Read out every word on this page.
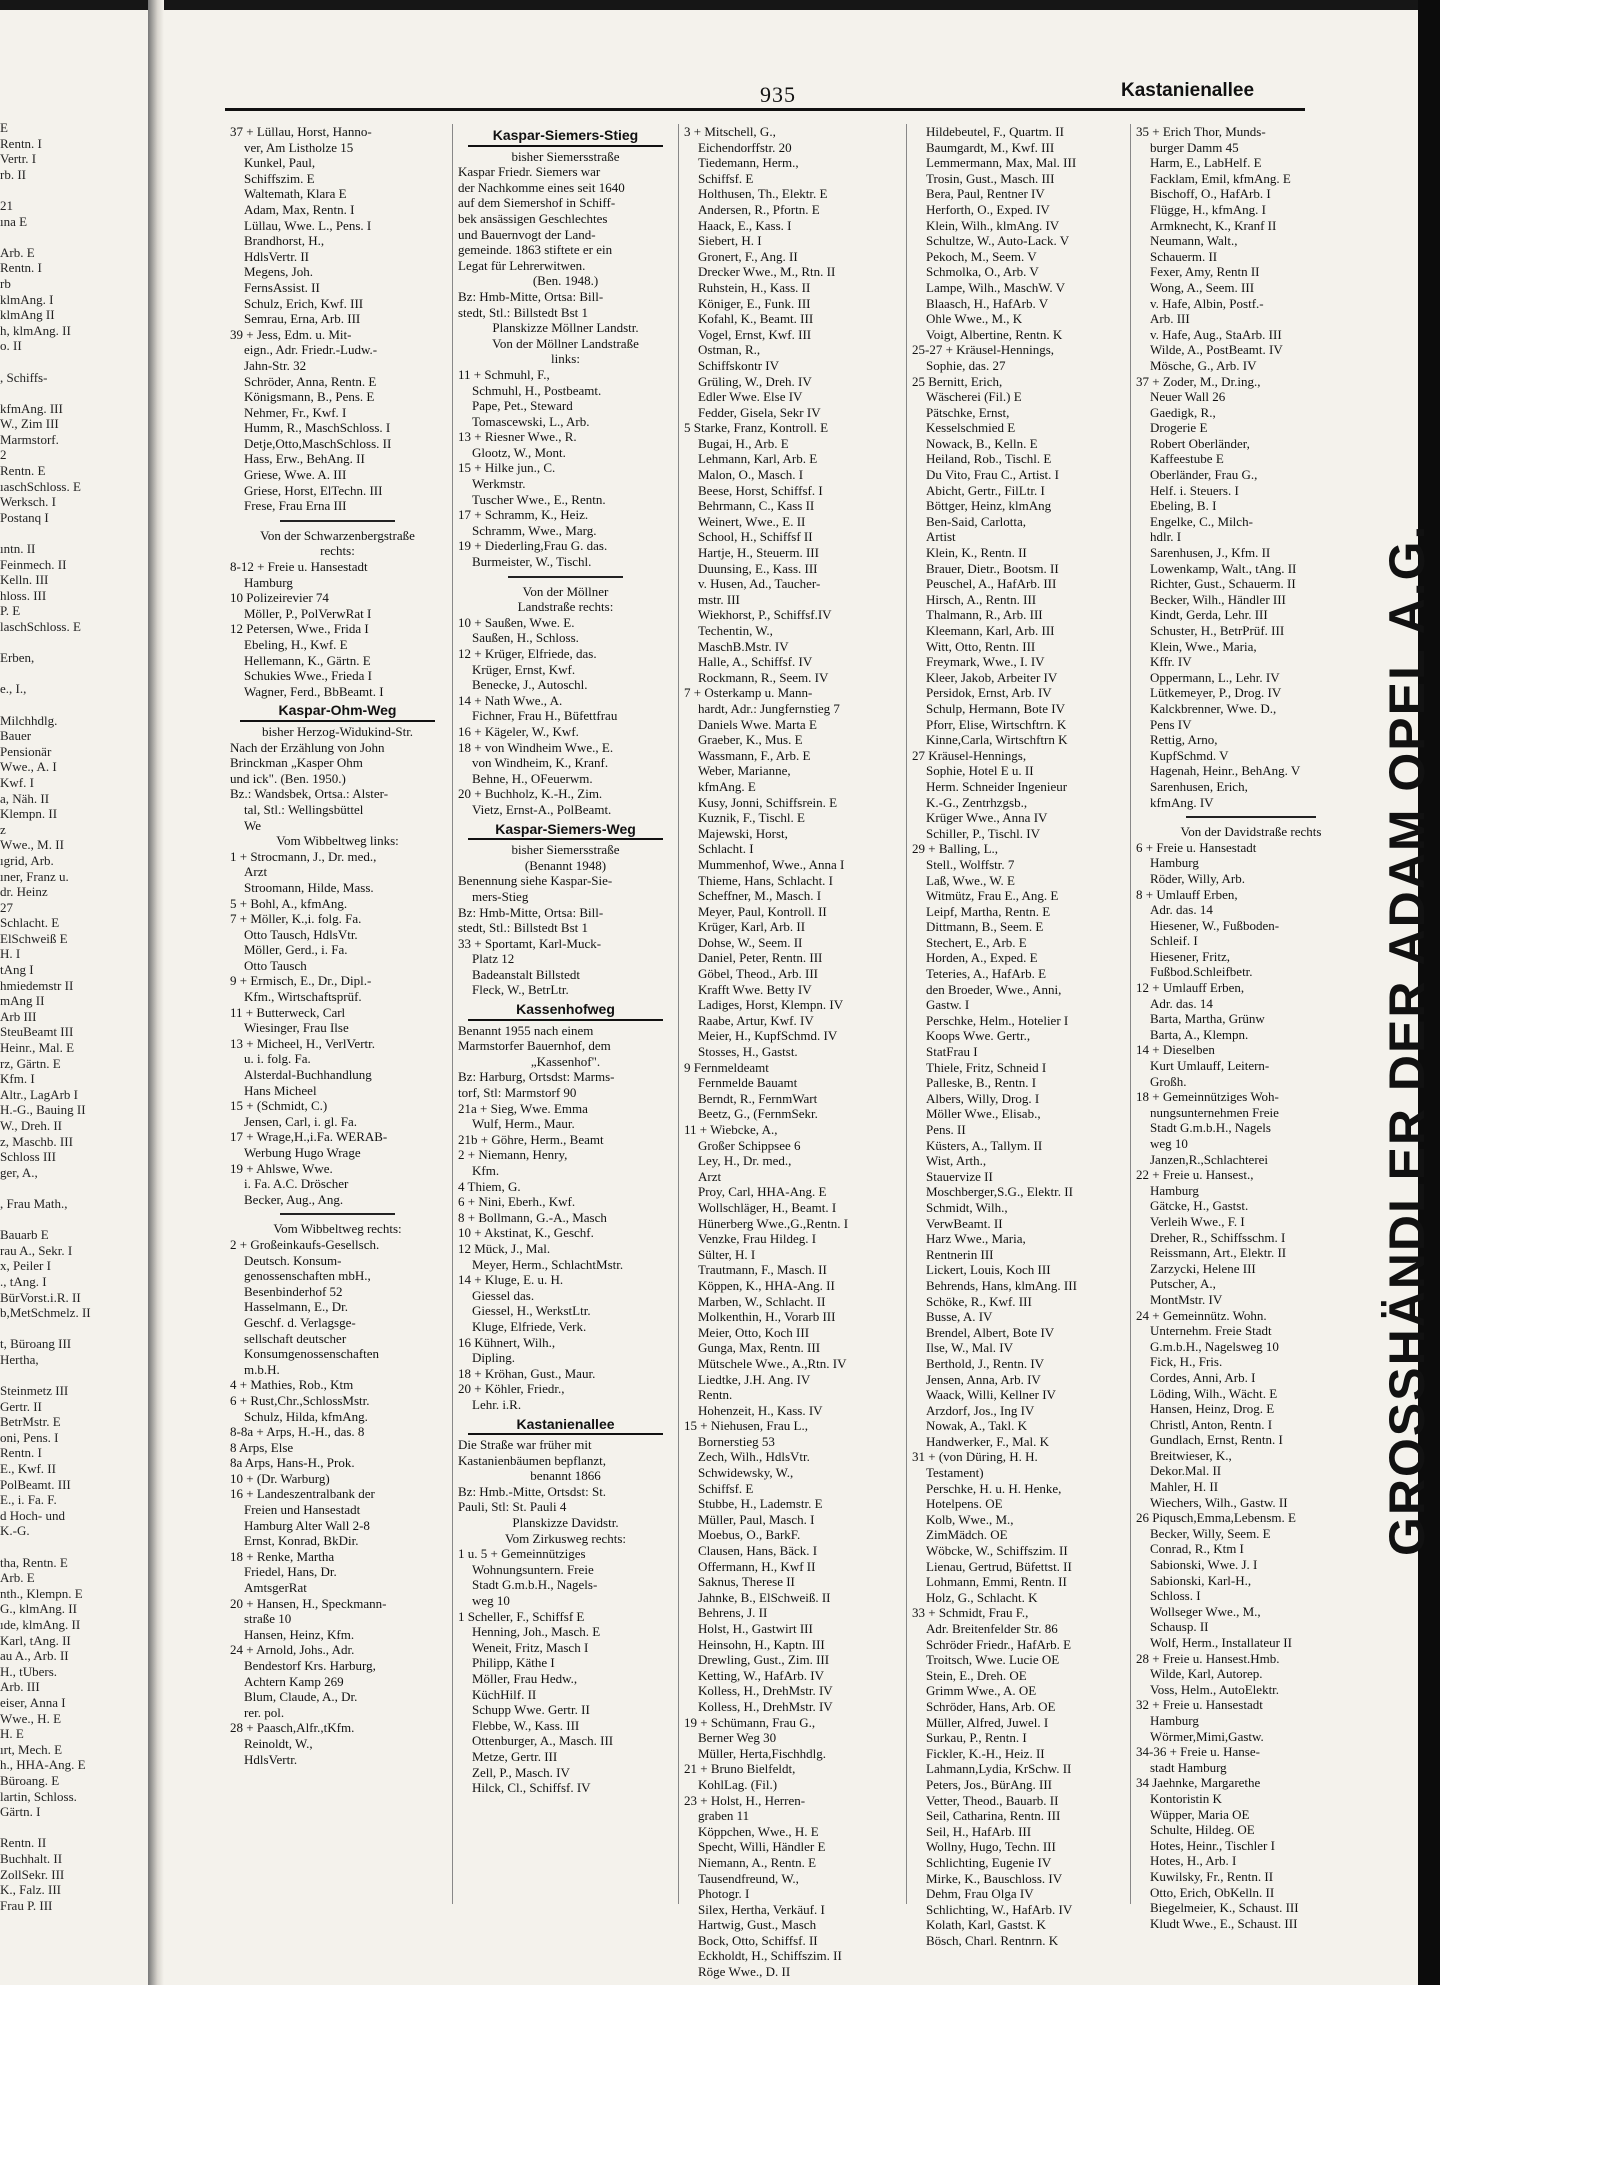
E
Rentn. I
Vertr. I
rb. II

21
ına E

Arb. E
Rentn. I
rb
klmAng. I
klmAng II
h, klmAng. II
o. II

, Schiffs-

kfmAng. III
W., Zim III
Marmstorf.
2
Rentn. E
ıaschSchloss. E
Werksch. I
Postanq I

ıntn. II
Feinmech. II
Kelln. III
hloss. III
P. E
laschSchloss. E

Erben,

e., I.,

Milchhdlg.
Bauer
Pensionär
Wwe., A. I
Kwf. I
a, Näh. II
Klempn. II
z
Wwe., M. II
ıgrid, Arb.
ıner, Franz u.
dr. Heinz
27
Schlacht. E
ElSchweiß E
H. I
tAng I
hmiedemstr II
mAng II
Arb III
SteuBeamt III
Heinr., Mal. E
rz, Gärtn. E
Kfm. I
Altr., LagArb I
H.-G., Bauing II
W., Dreh. II
z, Maschb. III
Schloss III
ger, A.,

, Frau Math.,

Bauarb E
rau A., Sekr. I
x, Peiler I
., tAng. I
BürVorst.i.R. II
b,MetSchmelz. II

t, Büroang III
Hertha,

Steinmetz III
Gertr. II
BetrMstr. E
oni, Pens. I
Rentn. I
E., Kwf. II
PolBeamt. III
E., i. Fa. F.
d Hoch- und
K.-G.

tha, Rentn. E
Arb. E
nth., Klempn. E
G., klmAng. II
ıde, klmAng. II
Karl, tAng. II
au A., Arb. II
H., tUbers.
Arb. III
eiser, Anna I
Wwe., H. E
H. E
ırt, Mech. E
h., HHA-Ang. E
Büroang. E
lartin, Schloss.
Gärtn. I

Rentn. II
Buchhalt. II
ZollSekr. III
K., Falz. III
Frau P. III
935	Kastanienallee
37 + Lüllau, Horst, Hanno-
ver, Am Listholze 15
Kunkel, Paul,
Schiffszim. E
Waltemath, Klara E
Adam, Max, Rentn. I
Lüllau, Wwe. L., Pens. I
Brandhorst, H.,
HdlsVertr. II
Megens, Joh.
FernsAssist. II
Schulz, Erich, Kwf. III
Semrau, Erna, Arb. III
39 + Jess, Edm. u. Mit-
eign., Adr. Friedr.-Ludw.-
Jahn-Str. 32
Schröder, Anna, Rentn. E
Königsmann, B., Pens. E
Nehmer, Fr., Kwf. I
Humm, R., MaschSchloss. I
Detje,Otto,MaschSchloss. II
Hass, Erw., BehAng. II
Griese, Wwe. A. III
Griese, Horst, ElTechn. III
Frese, Frau Erna III
Von der Schwarzenbergstraße
rechts:
8-12 + Freie u. Hansestadt
Hamburg
10 Polizeirevier 74
Möller, P., PolVerwRat I
12 Petersen, Wwe., Frida I
Ebeling, H., Kwf. E
Hellemann, K., Gärtn. E
Schukies Wwe., Frieda I
Wagner, Ferd., BbBeamt. I
Kaspar-Ohm-Weg
bisher Herzog-Widukind-Str.
Nach der Erzählung von John
Brinckman „Kasper Ohm
und ick". (Ben. 1950.)
Bz.: Wandsbek, Ortsa.: Alster-
tal, Stl.: Wellingsbüttel
We
Vom Wibbeltweg links:
1 + Strocmann, J., Dr. med.,
Arzt
Stroomann, Hilde, Mass.
5 + Bohl, A., kfmAng.
7 + Möller, K.,i. folg. Fa.
Otto Tausch, HdlsVtr.
Möller, Gerd., i. Fa.
Otto Tausch
9 + Ermisch, E., Dr., Dipl.-
Kfm., Wirtschaftsprüf.
11 + Butterweck, Carl
Wiesinger, Frau Ilse
13 + Micheel, H., VerlVertr.
u. i. folg. Fa.
Alsterdal-Buchhandlung
Hans Micheel
15 + (Schmidt, C.)
Jensen, Carl, i. gl. Fa.
17 + Wrage,H.,i.Fa. WERAB-
Werbung Hugo Wrage
19 + Ahlswe, Wwe.
i. Fa. A.C. Dröscher
Becker, Aug., Ang.
Vom Wibbeltweg rechts:
2 + Großeinkaufs-Gesellsch.
Deutsch. Konsum-
genossenschaften mbH.,
Besenbinderhof 52
Hasselmann, E., Dr.
Geschf. d. Verlagsge-
sellschaft deutscher
Konsumgenossenschaften
m.b.H.
4 + Mathies, Rob., Ktm
6 + Rust,Chr.,SchlossMstr.
Schulz, Hilda, kfmAng.
8-8a + Arps, H.-H., das. 8
8 Arps, Else
8a Arps, Hans-H., Prok.
10 + (Dr. Warburg)
16 + Landeszentralbank der
Freien und Hansestadt
Hamburg Alter Wall 2-8
Ernst, Konrad, BkDir.
18 + Renke, Martha
Friedel, Hans, Dr.
AmtsgerRat
20 + Hansen, H., Speckmann-
straße 10
Hansen, Heinz, Kfm.
24 + Arnold, Johs., Adr.
Bendestorf Krs. Harburg,
Achtern Kamp 269
Blum, Claude, A., Dr.
rer. pol.
28 + Paasch,Alfr.,tKfm.
Reinoldt, W.,
HdlsVertr.
Kaspar-Siemers-Stieg
bisher Siemersstraße
Kaspar Friedr. Siemers war
der Nachkomme eines seit 1640
auf dem Siemershof in Schiff-
bek ansässigen Geschlechtes
und Bauernvogt der Land-
gemeinde. 1863 stiftete er ein
Legat für Lehrerwitwen.
(Ben. 1948.)
Bz: Hmb-Mitte, Ortsa: Bill-
stedt, Stl.: Billstedt Bst 1
Planskizze Möllner Landstr.
Von der Möllner Landstraße
links:
11 + Schmuhl, F.,
Schmuhl, H., Postbeamt.
Pape, Pet., Steward
Tomascewski, L., Arb.
13 + Riesner Wwe., R.
Glootz, W., Mont.
15 + Hilke jun., C.
Werkmstr.
Tuscher Wwe., E., Rentn.
17 + Schramm, K., Heiz.
Schramm, Wwe., Marg.
19 + Diederling,Frau G. das.
Burmeister, W., Tischl.
Von der Möllner
Landstraße rechts:
10 + Saußen, Wwe. E.
Saußen, H., Schloss.
12 + Krüger, Elfriede, das.
Krüger, Ernst, Kwf.
Benecke, J., Autoschl.
14 + Nath Wwe., A.
Fichner, Frau H., Büfettfrau
16 + Kägeler, W., Kwf.
18 + von Windheim Wwe., E.
von Windheim, K., Kranf.
Behne, H., OFeuerwm.
20 + Buchholz, K.-H., Zim.
Vietz, Ernst-A., PolBeamt.
Kaspar-Siemers-Weg
bisher Siemersstraße
(Benannt 1948)
Benennung siehe Kaspar-Sie-
mers-Stieg
Bz: Hmb-Mitte, Ortsa: Bill-
stedt, Stl.: Billstedt Bst 1
33 + Sportamt, Karl-Muck-
Platz 12
Badeanstalt Billstedt
Fleck, W., BetrLtr.
Kassenhofweg
Benannt 1955 nach einem
Marmstorfer Bauernhof, dem
„Kassenhof".
Bz: Harburg, Ortsdst: Marms-
torf, Stl: Marmstorf 90
21a + Sieg, Wwe. Emma
Wulf, Herm., Maur.
21b + Göhre, Herm., Beamt
2 + Niemann, Henry,
Kfm.
4 Thiem, G.
6 + Nini, Eberh., Kwf.
8 + Bollmann, G.-A., Masch
10 + Akstinat, K., Geschf.
12 Mück, J., Mal.
Meyer, Herm., SchlachtMstr.
14 + Kluge, E. u. H.
Giessel das.
Giessel, H., WerkstLtr.
Kluge, Elfriede, Verk.
16 Kühnert, Wilh.,
Dipling.
18 + Kröhan, Gust., Maur.
20 + Köhler, Friedr.,
Lehr. i.R.
Kastanienallee
Die Straße war früher mit
Kastanienbäumen bepflanzt,
benannt 1866
Bz: Hmb.-Mitte, Ortsdst: St.
Pauli, Stl: St. Pauli 4
Planskizze Davidstr.
Vom Zirkusweg rechts:
1 u. 5 + Gemeinnütziges
Wohnungsuntern. Freie
Stadt G.m.b.H., Nagels-
weg 10
1 Scheller, F., Schiffsf E
Henning, Joh., Masch. E
Weneit, Fritz, Masch I
Philipp, Käthe I
Möller, Frau Hedw.,
KüchHilf. II
Schupp Wwe. Gertr. II
Flebbe, W., Kass. III
Ottenburger, A., Masch. III
Metze, Gertr. III
Zell, P., Masch. IV
Hilck, Cl., Schiffsf. IV
3 + Mitschell, G.,
Eichendorffstr. 20
Tiedemann, Herm.,
Schiffsf. E
Holthusen, Th., Elektr. E
Andersen, R., Pfortn. E
Haack, E., Kass. I
Siebert, H. I
Gronert, F., Ang. II
Drecker Wwe., M., Rtn. II
Ruhstein, H., Kass. II
Königer, E., Funk. III
Kofahl, K., Beamt. III
Vogel, Ernst, Kwf. III
Ostman, R.,
Schiffskontr IV
Grüling, W., Dreh. IV
Edler Wwe. Else IV
Fedder, Gisela, Sekr IV
5 Starke, Franz, Kontroll. E
Bugai, H., Arb. E
Lehmann, Karl, Arb. E
Malon, O., Masch. I
Beese, Horst, Schiffsf. I
Behrmann, C., Kass II
Weinert, Wwe., E. II
School, H., Schiffsf II
Hartje, H., Steuerm. III
Duunsing, E., Kass. III
v. Husen, Ad., Taucher-
mstr. III
Wiekhorst, P., Schiffsf.IV
Techentin, W.,
MaschB.Mstr. IV
Halle, A., Schiffsf. IV
Rockmann, R., Seem. IV
7 + Osterkamp u. Mann-
hardt, Adr.: Jungfernstieg 7
Daniels Wwe. Marta E
Graeber, K., Mus. E
Wassmann, F., Arb. E
Weber, Marianne,
kfmAng. E
Kusy, Jonni, Schiffsrein. E
Kuznik, F., Tischl. E
Majewski, Horst,
Schlacht. I
Mummenhof, Wwe., Anna I
Thieme, Hans, Schlacht. I
Scheffner, M., Masch. I
Meyer, Paul, Kontroll. II
Krüger, Karl, Arb. II
Dohse, W., Seem. II
Daniel, Peter, Rentn. III
Göbel, Theod., Arb. III
Krafft Wwe. Betty IV
Ladiges, Horst, Klempn. IV
Raabe, Artur, Kwf. IV
Meier, H., KupfSchmd. IV
Stosses, H., Gastst.
9 Fernmeldeamt
Fernmelde Bauamt
Berndt, R., FernmWart
Beetz, G., (FernmSekr.
11 + Wiebcke, A.,
Großer Schippsee 6
Ley, H., Dr. med.,
Arzt
Proy, Carl, HHA-Ang. E
Wollschläger, H., Beamt. I
Hünerberg Wwe.,G.,Rentn. I
Venzke, Frau Hildeg. I
Sülter, H. I
Trautmann, F., Masch. II
Köppen, K., HHA-Ang. II
Marben, W., Schlacht. II
Molkenthin, H., Vorarb III
Meier, Otto, Koch III
Gunga, Max, Rentn. III
Mütschele Wwe., A.,Rtn. IV
Liedtke, J.H. Ang. IV
Rentn.
Hohenzeit, H., Kass. IV
15 + Niehusen, Frau L.,
Bornerstieg 53
Zech, Wilh., HdlsVtr.
Schwidewsky, W.,
Schiffsf. E
Stubbe, H., Lademstr. E
Müller, Paul, Masch. I
Moebus, O., BarkF.
Clausen, Hans, Bäck. I
Offermann, H., Kwf II
Saknus, Therese II
Jahnke, B., ElSchweiß. II
Behrens, J. II
Holst, H., Gastwirt III
Heinsohn, H., Kaptn. III
Drewling, Gust., Zim. III
Ketting, W., HafArb. IV
Kolless, H., DrehMstr. IV
Kolless, H., DrehMstr. IV
19 + Schümann, Frau G.,
Berner Weg 30
Müller, Herta,Fischhdlg.
21 + Bruno Bielfeldt,
KohlLag. (Fil.)
23 + Holst, H., Herren-
graben 11
Köppchen, Wwe., H. E
Specht, Willi, Händler E
Niemann, A., Rentn. E
Tausendfreund, W.,
Photogr. I
Silex, Hertha, Verkäuf. I
Hartwig, Gust., Masch
Bock, Otto, Schiffsf. II
Eckholdt, H., Schiffszim. II
Röge Wwe., D. II
Hildebeutel, F., Quartm. II
Baumgardt, M., Kwf. III
Lemmermann, Max, Mal. III
Trosin, Gust., Masch. III
Bera, Paul, Rentner IV
Herforth, O., Exped. IV
Klein, Wilh., klmAng. IV
Schultze, W., Auto-Lack. V
Pekoch, M., Seem. V
Schmolka, O., Arb. V
Lampe, Wilh., MaschW. V
Blaasch, H., HafArb. V
Ohle Wwe., M., K
Voigt, Albertine, Rentn. K
25-27 + Kräusel-Hennings,
Sophie, das. 27
25 Bernitt, Erich,
Wäscherei (Fil.) E
Pätschke, Ernst,
Kesselschmied E
Nowack, B., Kelln. E
Heiland, Rob., Tischl. E
Du Vito, Frau C., Artist. I
Abicht, Gertr., FilLtr. I
Böttger, Heinz, klmAng
Ben-Said, Carlotta,
Artist
Klein, K., Rentn. II
Brauer, Dietr., Bootsm. II
Peuschel, A., HafArb. III
Hirsch, A., Rentn. III
Thalmann, R., Arb. III
Kleemann, Karl, Arb. III
Witt, Otto, Rentn. III
Freymark, Wwe., I. IV
Kleer, Jakob, Arbeiter IV
Persidok, Ernst, Arb. IV
Schulp, Hermann, Bote IV
Pforr, Elise, Wirtschftrn. K
Kinne,Carla, Wirtschftrn K
27 Kräusel-Hennings,
Sophie, Hotel E u. II
Herm. Schneider Ingenieur
K.-G., Zentrhzgsb.,
Krüger Wwe., Anna IV
Schiller, P., Tischl. IV
29 + Balling, L.,
Stell., Wolffstr. 7
Laß, Wwe., W. E
Witmütz, Frau E., Ang. E
Leipf, Martha, Rentn. E
Dittmann, B., Seem. E
Stechert, E., Arb. E
Horden, A., Exped. E
Teteries, A., HafArb. E
den Broeder, Wwe., Anni,
Gastw. I
Perschke, Helm., Hotelier I
Koops Wwe. Gertr.,
StatFrau I
Thiele, Fritz, Schneid I
Palleske, B., Rentn. I
Albers, Willy, Drog. I
Möller Wwe., Elisab.,
Pens. II
Küsters, A., Tallym. II
Wist, Arth.,
Stauervize II
Moschberger,S.G., Elektr. II
Schmidt, Wilh.,
VerwBeamt. II
Harz Wwe., Maria,
Rentnerin III
Lickert, Louis, Koch III
Behrends, Hans, klmAng. III
Schöke, R., Kwf. III
Busse, A. IV
Brendel, Albert, Bote IV
Ilse, W., Mal. IV
Berthold, J., Rentn. IV
Jensen, Anna, Arb. IV
Waack, Willi, Kellner IV
Arzdorf, Jos., Ing IV
Nowak, A., Takl. K
Handwerker, F., Mal. K
31 + (von Düring, H. H.
Testament)
Perschke, H. u. H. Henke,
Hotelpens. OE
Kolb, Wwe., M.,
ZimMädch. OE
Wöbcke, W., Schiffszim. II
Lienau, Gertrud, Büfettst. II
Lohmann, Emmi, Rentn. II
Holz, G., Schlacht. K
33 + Schmidt, Frau F.,
Adr. Breitenfelder Str. 86
Schröder Friedr., HafArb. E
Troitsch, Wwe. Lucie OE
Stein, E., Dreh. OE
Grimm Wwe., A. OE
Schröder, Hans, Arb. OE
Müller, Alfred, Juwel. I
Surkau, P., Rentn. I
Fickler, K.-H., Heiz. II
Lahmann,Lydia, KrSchw. II
Peters, Jos., BürAng. III
Vetter, Theod., Bauarb. II
Seil, Catharina, Rentn. III
Seil, H., HafArb. III
Wollny, Hugo, Techn. III
Schlichting, Eugenie IV
Mirke, K., Bauschloss. IV
Dehm, Frau Olga IV
Schlichting, W., HafArb. IV
Kolath, Karl, Gastst. K
Bösch, Charl. Rentnrn. K
35 + Erich Thor, Munds-
burger Damm 45
Harm, E., LabHelf. E
Facklam, Emil, kfmAng. E
Bischoff, O., HafArb. I
Flügge, H., kfmAng. I
Armknecht, K., Kranf II
Neumann, Walt.,
Schauerm. II
Fexer, Amy, Rentn II
Wong, A., Seem. III
v. Hafe, Albin, Postf.-
Arb. III
v. Hafe, Aug., StaArb. III
Wilde, A., PostBeamt. IV
Mösche, G., Arb. IV
37 + Zoder, M., Dr.ing.,
Neuer Wall 26
Gaedigk, R.,
Drogerie E
Robert Oberländer,
Kaffeestube E
Oberländer, Frau G.,
Helf. i. Steuers. I
Ebeling, B. I
Engelke, C., Milch-
hdlr. I
Sarenhusen, J., Kfm. II
Lowenkamp, Walt., tAng. II
Richter, Gust., Schauerm. II
Becker, Wilh., Händler III
Kindt, Gerda, Lehr. III
Schuster, H., BetrPrüf. III
Klein, Wwe., Maria,
Kffr. IV
Oppermann, L., Lehr. IV
Lütkemeyer, P., Drog. IV
Kalckbrenner, Wwe. D.,
Pens IV
Rettig, Arno,
KupfSchmd. V
Hagenah, Heinr., BehAng. V
Sarenhusen, Erich,
kfmAng. IV
Von der Davidstraße rechts
6 + Freie u. Hansestadt
Hamburg
Röder, Willy, Arb.
8 + Umlauff Erben,
Adr. das. 14
Hiesener, W., Fußboden-
Schleif. I
Hiesener, Fritz,
Fußbod.Schleifbetr.
12 + Umlauff Erben,
Adr. das. 14
Barta, Martha, Grünw
Barta, A., Klempn.
14 + Dieselben
Kurt Umlauff, Leitern-
Großh.
18 + Gemeinnütziges Woh-
nungsunternehmen Freie
Stadt G.m.b.H., Nagels
weg 10
Janzen,R.,Schlachterei
22 + Freie u. Hansest.,
Hamburg
Gätcke, H., Gastst.
Verleih Wwe., F. I
Dreher, R., Schiffsschm. I
Reissmann, Art., Elektr. II
Zarzycki, Helene III
Putscher, A.,
MontMstr. IV
24 + Gemeinnütz. Wohn.
Unternehm. Freie Stadt
G.m.b.H., Nagelsweg 10
Fick, H., Fris.
Cordes, Anni, Arb. I
Löding, Wilh., Wächt. E
Hansen, Heinz, Drog. E
Christl, Anton, Rentn. I
Gundlach, Ernst, Rentn. I
Breitwieser, K.,
Dekor.Mal. II
Mahler, H. II
Wiechers, Wilh., Gastw. II
26 Piqusch,Emma,Lebensm. E
Becker, Willy, Seem. E
Conrad, R., Ktm I
Sabionski, Wwe. J. I
Sabionski, Karl-H.,
Schloss. I
Wollseger Wwe., M.,
Schausp. II
Wolf, Herm., Installateur II
28 + Freie u. Hansest.Hmb.
Wilde, Karl, Autorep.
Voss, Helm., AutoElektr.
32 + Freie u. Hansestadt
Hamburg
Wörmer,Mimi,Gastw.
34-36 + Freie u. Hanse-
stadt Hamburg
34 Jaehnke, Margarethe
Kontoristin K
Wüpper, Maria OE
Schulte, Hildeg. OE
Hotes, Heinr., Tischler I
Hotes, H., Arb. I
Kuwilsky, Fr., Rentn. II
Otto, Erich, ObKelln. II
Biegelmeier, K., Schaust. III
Kludt Wwe., E., Schaust. III
GROSSHÄNDLER DER ADAM OPEL A.G.
